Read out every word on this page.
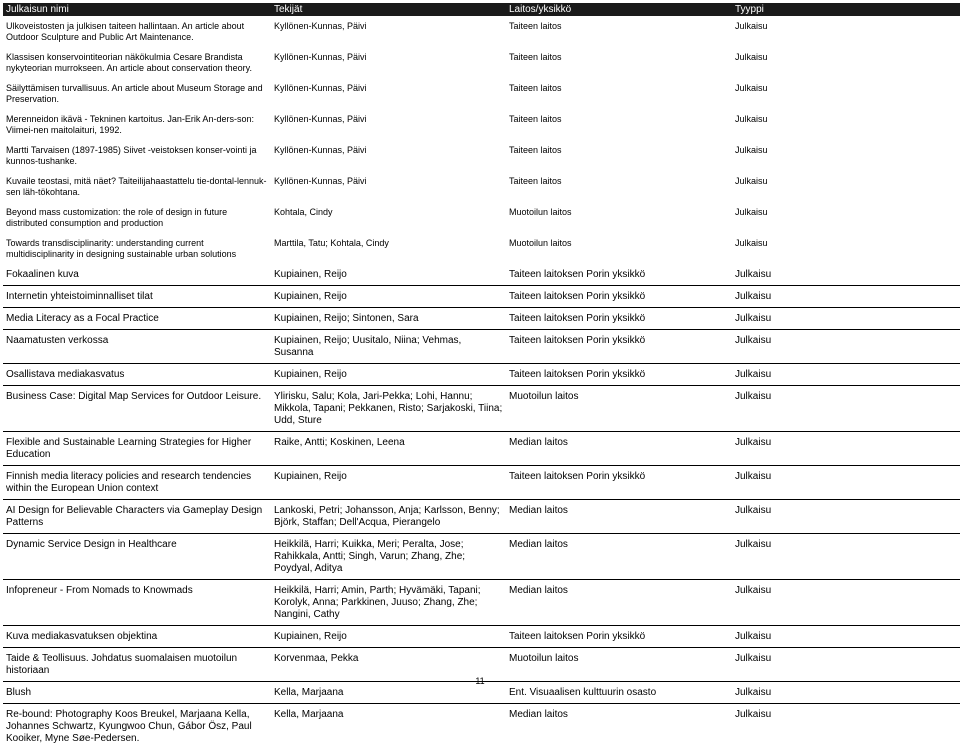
Julkaisun nimi	Tekijät	Laitos/yksikkö	Tyyppi
Ulkoveistosten ja julkisen taiteen hallintaan. An article about Outdoor Sculpture and Public Art Maintenance.	Kyllönen-Kunnas, Päivi	Taiteen laitos	Julkaisu
Klassisen konservointiteorian näkökulmia Cesare Brandista nykyteorian murrokseen. An article about conservation theory.	Kyllönen-Kunnas, Päivi	Taiteen laitos	Julkaisu
Säilyttämisen turvallisuus. An article about Museum Storage and Preservation.	Kyllönen-Kunnas, Päivi	Taiteen laitos	Julkaisu
Merenneidon ikävä - Tekninen kartoitus. Jan-Erik An-ders-son: Viimei-nen maitolaituri, 1992.	Kyllönen-Kunnas, Päivi	Taiteen laitos	Julkaisu
Martti Tarvaisen (1897-1985) Siivet -veistoksen konser-vointi ja kunnos-tushanke.	Kyllönen-Kunnas, Päivi	Taiteen laitos	Julkaisu
Kuvaile teostasi, mitä näet? Taiteilijahaastattelu tie-dontal-lennuk-sen läh-tökohtana.	Kyllönen-Kunnas, Päivi	Taiteen laitos	Julkaisu
Beyond mass customization: the role of design in future distributed consumption and production	Kohtala, Cindy	Muotoilun laitos	Julkaisu
Towards transdisciplinarity: understanding current multidisciplinarity in designing sustainable urban solutions	Marttila, Tatu; Kohtala, Cindy	Muotoilun laitos	Julkaisu
Fokaalinen kuva	Kupiainen, Reijo	Taiteen laitoksen Porin yksikkö	Julkaisu
Internetin yhteistoiminnalliset tilat	Kupiainen, Reijo	Taiteen laitoksen Porin yksikkö	Julkaisu
Media Literacy as a Focal Practice	Kupiainen, Reijo; Sintonen, Sara	Taiteen laitoksen Porin yksikkö	Julkaisu
Naamatusten verkossa	Kupiainen, Reijo; Uusitalo, Niina; Vehmas, Susanna	Taiteen laitoksen Porin yksikkö	Julkaisu
Osallistava mediakasvatus	Kupiainen, Reijo	Taiteen laitoksen Porin yksikkö	Julkaisu
Business Case: Digital Map Services for Outdoor Leisure.	Ylirisku, Salu; Kola, Jari-Pekka; Lohi, Hannu; Mikkola, Tapani; Pekkanen, Risto; Sarjakoski, Tiina; Udd, Sture	Muotoilun laitos	Julkaisu
Flexible and Sustainable Learning Strategies for Higher Education	Raike, Antti; Koskinen, Leena	Median laitos	Julkaisu
Finnish media literacy policies and research tendencies within the European Union context	Kupiainen, Reijo	Taiteen laitoksen Porin yksikkö	Julkaisu
AI Design for Believable Characters via Gameplay Design Patterns	Lankoski, Petri; Johansson, Anja; Karlsson, Benny; Björk, Staffan; Dell'Acqua, Pierangelo	Median laitos	Julkaisu
Dynamic Service Design in Healthcare	Heikkilä, Harri; Kuikka, Meri; Peralta, Jose; Rahikkala, Antti; Singh, Varun; Zhang, Zhe; Poydyal, Aditya	Median laitos	Julkaisu
Infopreneur - From Nomads to Knowmads	Heikkilä, Harri; Amin, Parth; Hyvämäki, Tapani; Korolyk, Anna; Parkkinen, Juuso; Zhang, Zhe; Nangini, Cathy	Median laitos	Julkaisu
Kuva mediakasvatuksen objektina	Kupiainen, Reijo	Taiteen laitoksen Porin yksikkö	Julkaisu
Taide & Teollisuus. Johdatus suomalaisen muotoilun historiaan	Korvenmaa, Pekka	Muotoilun laitos	Julkaisu
Blush	Kella, Marjaana	Ent. Visuaalisen kulttuurin osasto	Julkaisu
Re-bound: Photography Koos Breukel, Marjaana Kella, Johannes Schwartz, Kyungwoo Chun, Gábor Ösz, Paul Kooiker, Myne Søe-Pedersen.	Kella, Marjaana	Median laitos	Julkaisu
11
